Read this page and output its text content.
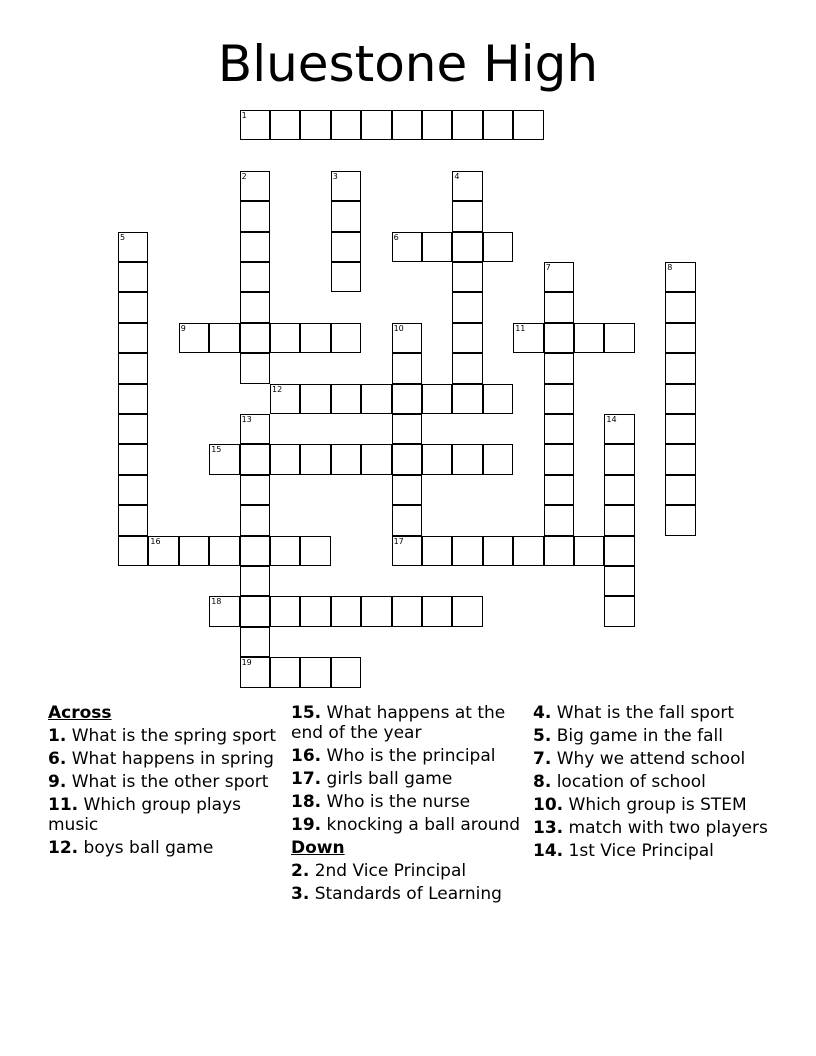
Bluestone High
1
2	3	4
5	6
7	8
9	10
17
11
12
13
19
14
15
16
18
Across
1. What is the spring sport
6. What happens in spring
9. What is the other sport
11. Which group plays music
12. boys ball game
15. What happens at the end of the year
16. Who is the principal
17. girls ball game
18. Who is the nurse
19. knocking a ball around
Down
2. 2nd Vice Principal
3. Standards of Learning
4. What is the fall sport
5. Big game in the fall
7. Why we attend school
8. location of school
10. Which group is STEM
13. match with two players
14. 1st Vice Principal
